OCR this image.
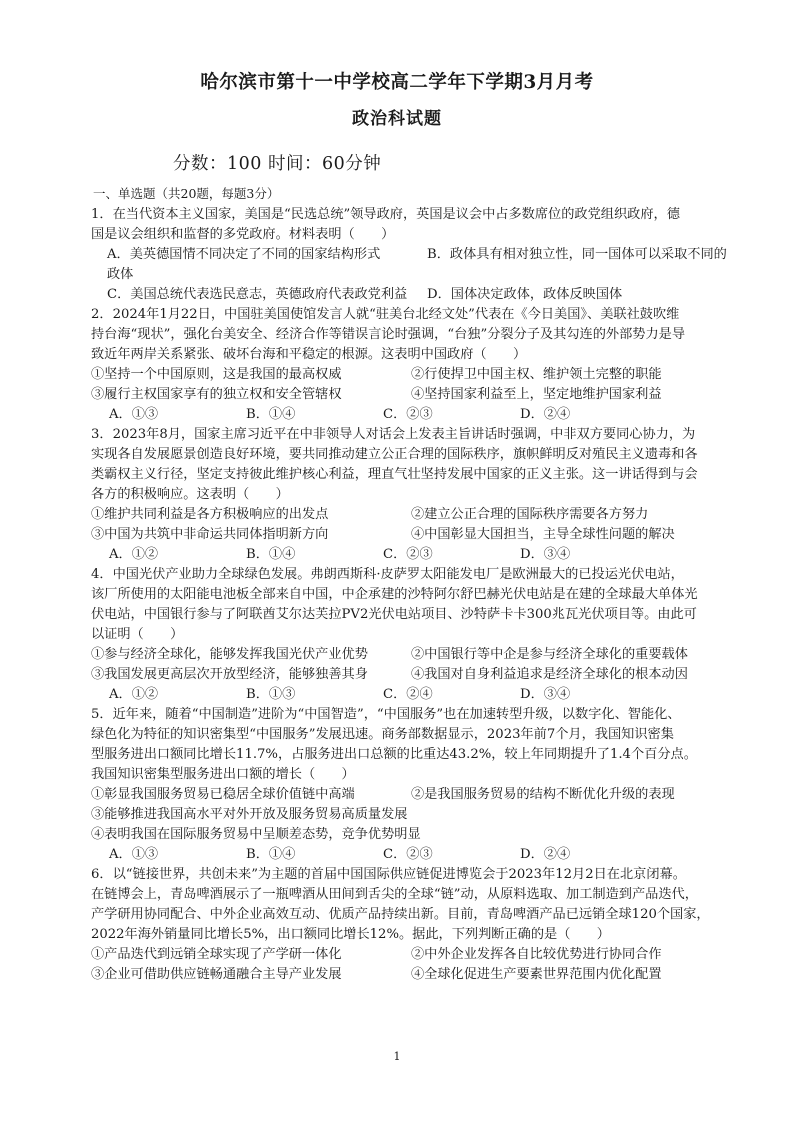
哈尔滨市第十一中学校高二学年下学期3月月考
政治科试题
分数：100 时间：60分钟
一、单选题（共20题，每题3分）
1．在当代资本主义国家，美国是“民选总统”领导政府，英国是议会中占多数席位的政党组织政府，德
国是议会组织和监督的多党政府。材料表明（　　）
A．美英德国情不同决定了不同的国家结构形式	B．政体具有相对独立性，同一国体可以采取不同的
政体
C．美国总统代表选民意志，英德政府代表政党利益	D．国体决定政体，政体反映国体
2．2024年1月22日，中国驻美国使馆发言人就“驻美台北经文处”代表在《今日美国》、美联社鼓吹维
持台海“现状”，强化台美安全、经济合作等错误言论时强调，“台独”分裂分子及其勾连的外部势力是导
致近年两岸关系紧张、破坏台海和平稳定的根源。这表明中国政府（　　）
①坚持一个中国原则，这是我国的最高权威	②行使捍卫中国主权、维护领土完整的职能
③履行主权国家享有的独立权和安全管辖权	④坚持国家利益至上，坚定地维护国家利益
A．①③	B．①④	C．②③	D．②④
3．2023年8月，国家主席习近平在中非领导人对话会上发表主旨讲话时强调，中非双方要同心协力，为
实现各自发展愿景创造良好环境，要共同推动建立公正合理的国际秩序，旗帜鲜明反对殖民主义遗毒和各
类霸权主义行径，坚定支持彼此维护核心利益，理直气壮坚持发展中国家的正义主张。这一讲话得到与会
各方的积极响应。这表明（　　）
①维护共同利益是各方积极响应的出发点	②建立公正合理的国际秩序需要各方努力
③中国为共筑中非命运共同体指明新方向	④中国彰显大国担当，主导全球性问题的解决
A．①②	B．①④	C．②③	D．③④
4．中国光伏产业助力全球绿色发展。弗朗西斯科·皮萨罗太阳能发电厂是欧洲最大的已投运光伏电站，
该厂所使用的太阳能电池板全部来自中国，中企承建的沙特阿尔舒巴赫光伏电站是在建的全球最大单体光
伏电站，中国银行参与了阿联酋艾尔达芙拉PV2光伏电站项目、沙特萨卡卡300兆瓦光伏项目等。由此可
以证明（　　）
①参与经济全球化，能够发挥我国光伏产业优势	②中国银行等中企是参与经济全球化的重要载体
③我国发展更高层次开放型经济，能够独善其身	④我国对自身利益追求是经济全球化的根本动因
A．①②	B．①③	C．②④	D．③④
5．近年来，随着“中国制造”进阶为“中国智造”，“中国服务”也在加速转型升级，以数字化、智能化、
绿色化为特征的知识密集型“中国服务”发展迅速。商务部数据显示，2023年前7个月，我国知识密集
型服务进出口额同比增长11.7%，占服务进出口总额的比重达43.2%，较上年同期提升了1.4个百分点。
我国知识密集型服务进出口额的增长（　　）
①彰显我国服务贸易已稳居全球价值链中高端	②是我国服务贸易的结构不断优化升级的表现
③能够推进我国高水平对外开放及服务贸易高质量发展
④表明我国在国际服务贸易中呈顺差态势，竞争优势明显
A．①③	B．①④	C．②③	D．②④
6．以“链接世界，共创未来”为主题的首届中国国际供应链促进博览会于2023年12月2日在北京闭幕。
在链博会上，青岛啤酒展示了一瓶啤酒从田间到舌尖的全球“链”动，从原料选取、加工制造到产品迭代，
产学研用协同配合、中外企业高效互动、优质产品持续出新。目前，青岛啤酒产品已远销全球120个国家，
2022年海外销量同比增长5%，出口额同比增长12%。据此，下列判断正确的是（　　）
①产品迭代到远销全球实现了产学研一体化	②中外企业发挥各自比较优势进行协同合作
③企业可借助供应链畅通融合主导产业发展	④全球化促进生产要素世界范围内优化配置
1
